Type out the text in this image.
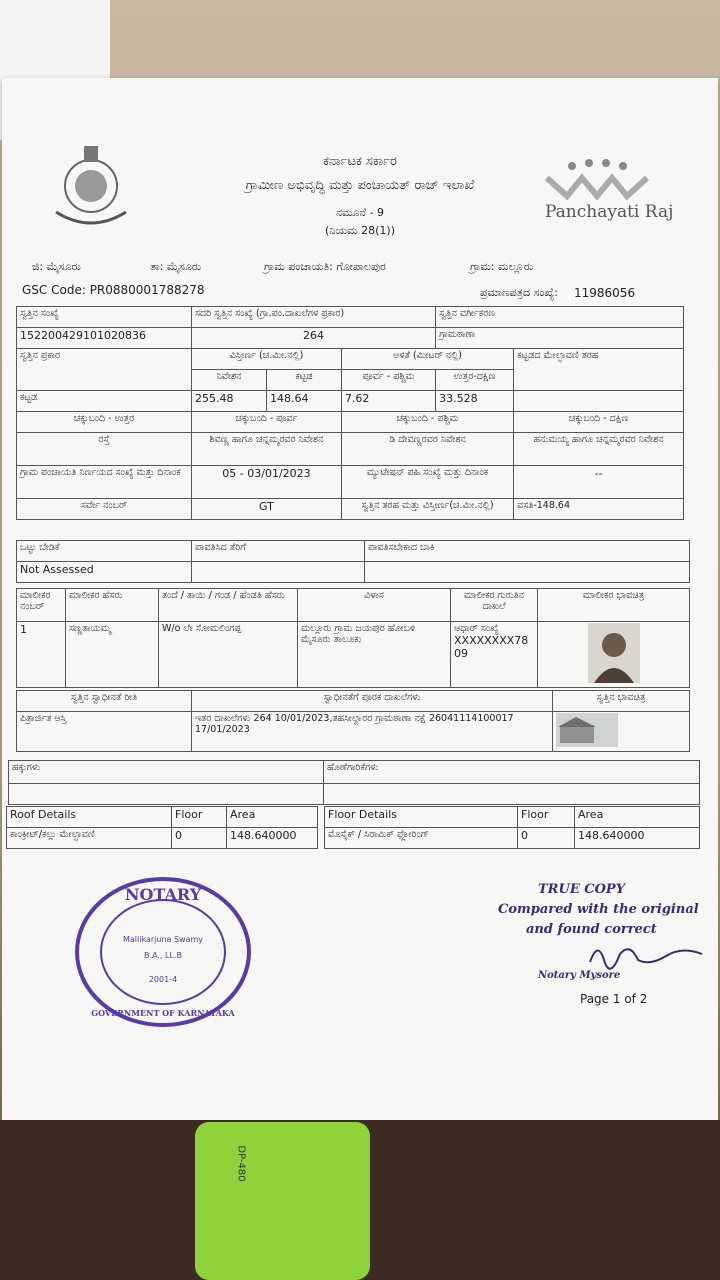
ಕರ್ನಾಟಕ ಸರ್ಕಾರ
ಗ್ರಾಮೀಣ ಅಭಿವೃದ್ಧಿ ಮತ್ತು ಪಂಚಾಯತ್ ರಾಜ್ ಇಲಾಖೆ
ನಮೂನೆ - 9
(ನಿಯಮ 28(1))
Panchayati Raj
ಜಿ: ಮೈಸೂರು	ತಾ: ಮೈಸೂರು	ಗ್ರಾಮ ಪಂಚಾಯತಿ: ಗೋಪಾಲಪುರ	ಗ್ರಾಮ: ಮಲ್ಲೂರು
GSC Code: PR0880001788278	ಪ್ರಮಾಣಪತ್ರದ ಸಂಖ್ಯೆ: 11986056
ಸ್ವತ್ತಿನ ಸಂಖ್ಯೆ	ಸದರಿ ಸ್ವತ್ತಿನ ಸಂಖ್ಯೆ (ಗ್ರಾ.ಪಂ.ದಾಖಲೆಗಳ ಪ್ರಕಾರ)			ಸ್ವತ್ತಿನ ವರ್ಗೀಕರಣ	
152200429101020836	264			ಗ್ರಾಮಠಾಣಾ	
ಸ್ವತ್ತಿನ ಪ್ರಕಾರ	ವಿಸ್ತೀರ್ಣ (ಚ.ಮೀ.ನಲ್ಲಿ)		ಅಳತೆ (ಮೀಟರ್ ನಲ್ಲಿ)		ಕಟ್ಟಡದ ಮೇಲ್ಛಾವಣಿ ತರಹ
	ನಿವೇಶನ	ಕಟ್ಟಡ	ಪೂರ್ವ - ಪಶ್ಚಿಮ	ಉತ್ತರ-ದಕ್ಷಿಣ	
ಕಟ್ಟಡ	255.48	148.64	7.62	33.528	
ಚಕ್ಕುಬಂದಿ - ಉತ್ತರ	ಚಕ್ಕುಬಂದಿ - ಪೂರ್ವ		ಚಕ್ಕುಬಂದಿ - ಪಶ್ಚಿಮ		ಚಕ್ಕುಬಂದಿ - ದಕ್ಷಿಣ
ರಸ್ತೆ	ಶಿವಣ್ಣ ಹಾಗೂ ಚನ್ನಮ್ಮರವರ ನಿವೇಶನ		ಡಿ ದೇವಣ್ಣರವರ ನಿವೇಶನ		ಹನುಮಯ್ಯ ಹಾಗೂ ಚನ್ನಮ್ಮರವರ ನಿವೇಶನ
ಗ್ರಾಮ ಪಂಚಾಯತಿ ನಿರ್ಣಯದ ಸಂಖ್ಯೆ ಮತ್ತು ದಿನಾಂಕ	05 - 03/01/2023		ಮ್ಯುಟೇಷನ್ ಪಹಿ ಸಂಖ್ಯೆ ಮತ್ತು ದಿನಾಂಕ		--
ಸರ್ವೇ ನಂಬರ್	GT		ಸ್ವತ್ತಿನ ತರಹ ಮತ್ತು ವಿಸ್ತೀರ್ಣ(ಚ.ಮೀ.ನಲ್ಲಿ)		ವಸತಿ-148.64
ಒಟ್ಟು ಬೇಡಿಕೆ	ಪಾವತಿಸಿದ ತೆರಿಗೆ	ಪಾವತಿಸಬೇಕಾದ ಬಾಕಿ
Not Assessed		
ಮಾಲೀಕರ ನಂಬರ್	ಮಾಲೀಕರ ಹೆಸರು	ತಂದೆ / ತಾಯಿ / ಗಂಡ / ಹೆಂಡತಿ ಹೆಸರು	ವಿಳಾಸ	ಮಾಲೀಕರ ಗುರುತಿನ ದಾಖಲೆ	ಮಾಲೀಕರ ಭಾವಚಿತ್ರ
1	ಸಣ್ಣತಾಯಮ್ಮ	W/o ಲೇ ಸೋಮಲಿಂಗಪ್ಪ	ಮಲ್ಲೂರು ಗ್ರಾಮ ಜಯಪುರ ಹೋಬಳಿ ಮೈಸೂರು ತಾಲೂಕು	ಆಧಾರ್ ಸಂಖ್ಯೆ
XXXXXXXX7809

ಸ್ವತ್ತಿನ ಸ್ವಾಧೀನತೆ ರೀತಿ	ಸ್ವಾಧೀನತೆಗೆ ಪೂರಕ ದಾಖಲೆಗಳು	ಸ್ವತ್ತಿನ ಭಾವಚಿತ್ರ
ಪಿತ್ರಾರ್ಜಿತ ಆಸ್ತಿ	ಇತರ ದಾಖಲೆಗಳು 264 10/01/2023,ತಹಸೀಲ್ದಾರರ ಗ್ರಾಮಠಾಣಾ ನಕ್ಷೆ 26041114100017 17/01/2023	
ಹಕ್ಕುಗಳು	ಹೊಣೆಗಾರಿಕೆಗಳು

Roof Details	Floor	Area
ಕಾಂಕ್ರೀಟ್/ಕಲ್ಲು ಮೇಲ್ಛಾವಣಿ	0	148.640000
Floor Details	Floor	Area
ಮೊಸೈಕ್ / ಸಿರಾಮಿಕ್ ಫ್ಲೋರಿಂಗ್	0	148.640000
NOTARY
Mallikarjuna Swamy
B.A., LL.B
2001-4
GOVERNMENT OF KARNATAKA
TRUE COPY
Compared with the original
and found correct
Notary Mysore
Page 1 of 2
DP-480
